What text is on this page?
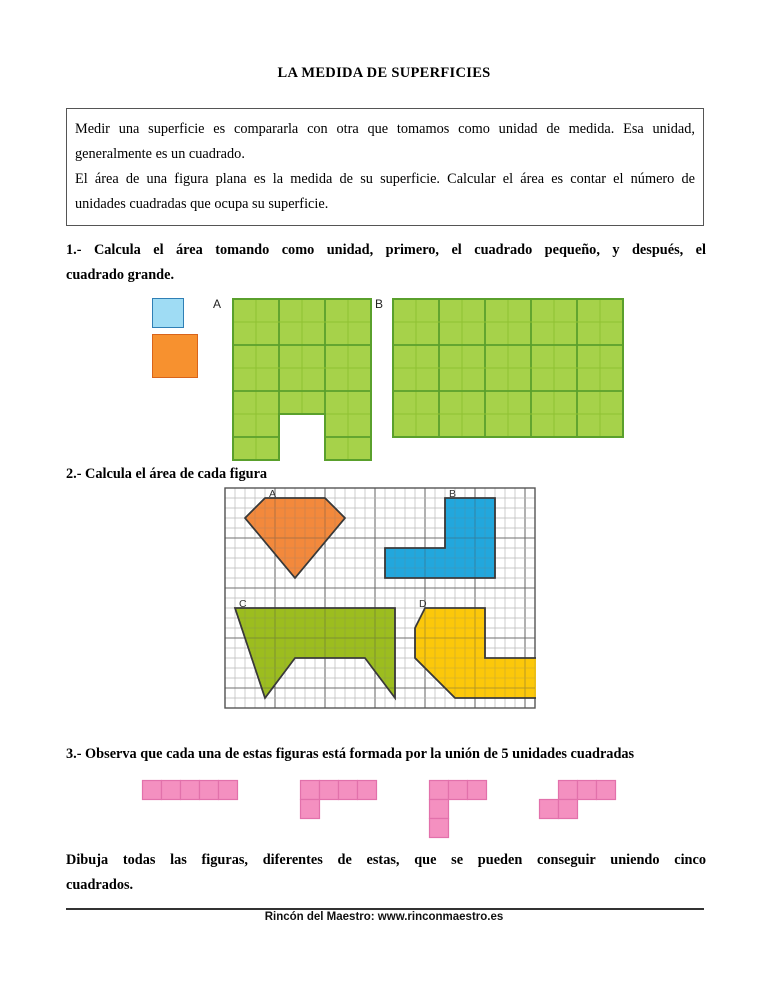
LA MEDIDA DE SUPERFICIES
Medir una superficie es compararla con otra que tomamos como unidad de medida. Esa unidad,
generalmente es un cuadrado.
El área de una figura plana es la medida de su superficie. Calcular el área es contar el número de
unidades cuadradas que ocupa su superficie.
1.- Calcula el área tomando como unidad, primero, el cuadrado pequeño, y después, el
cuadrado grande.
A	B
2.- Calcula el área de cada figura
A	B
C	D
3.- Observa que cada una de estas figuras está formada por la unión de 5 unidades cuadradas
Dibuja todas las figuras, diferentes de estas, que se pueden conseguir uniendo cinco
cuadrados.
Rincón del Maestro: www.rinconmaestro.es
